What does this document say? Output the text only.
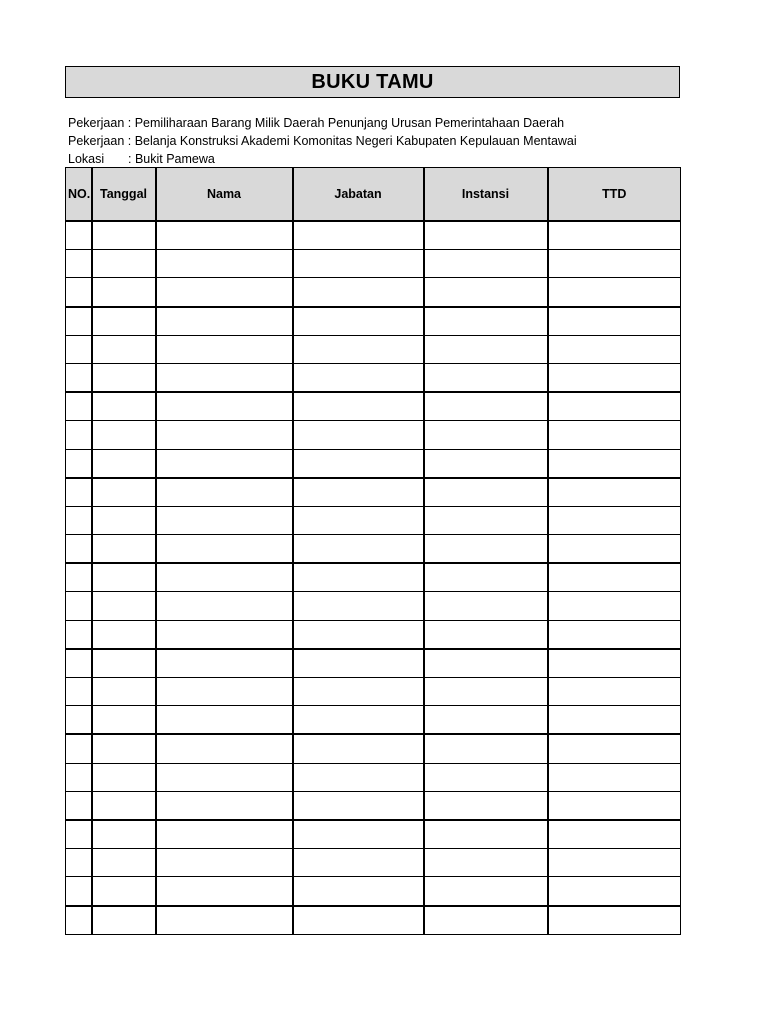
BUKU TAMU
Pekerjaan : Pemiliharaan Barang Milik Daerah Penunjang Urusan Pemerintahaan Daerah
Pekerjaan : Belanja Konstruksi Akademi Komonitas Negeri Kabupaten Kepulauan Mentawai
Lokasi : Bukit Pamewa
NO.	Tanggal	Nama	Jabatan	Instansi	TTD
